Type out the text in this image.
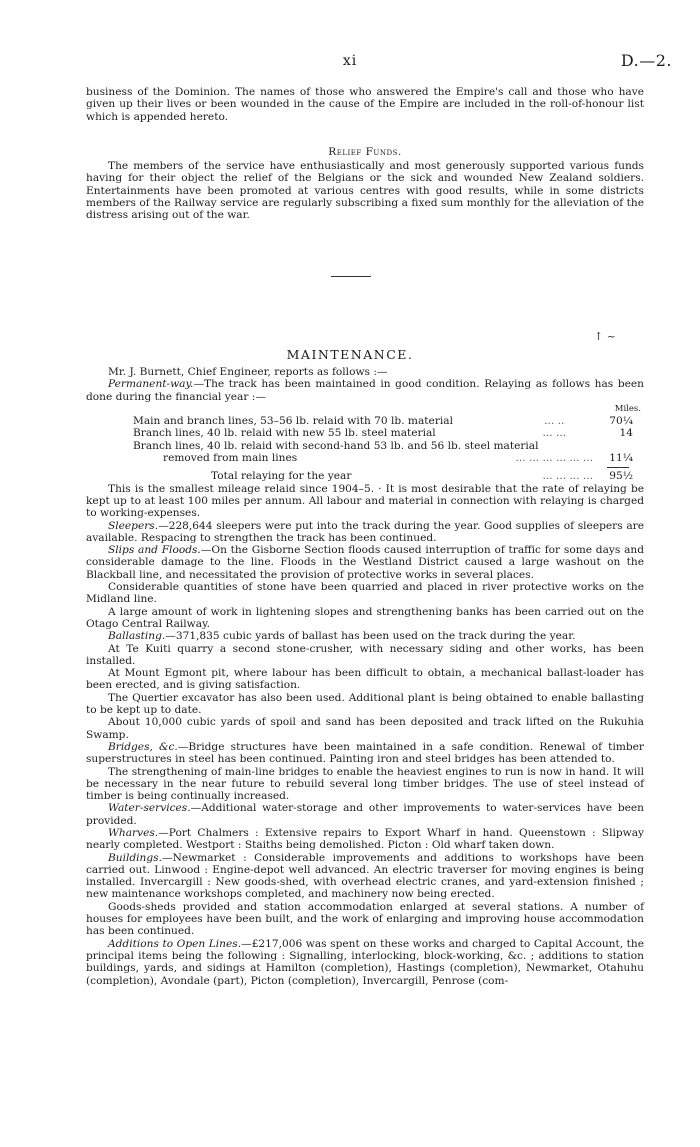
xi	D.—2.

business of the Dominion. The names of those who answered the Empire's call and those who have given up their lives or been wounded in the cause of the Empire are included in the roll-of-honour list which is appended hereto.

Relief Funds.

The members of the service have enthusiastically and most generously supported various funds having for their object the relief of the Belgians or the sick and wounded New Zealand soldiers. Entertainments have been promoted at various centres with good results, while in some districts members of the Railway service are regularly subscribing a fixed sum monthly for the alleviation of the distress arising out of the war.

↑ ~
MAINTENANCE.

Mr. J. Burnett, Chief Engineer, reports as follows :—

Permanent-way.—The track has been maintained in good condition. Relaying as follows has been done during the financial year :—

Miles.
Main and branch lines, 53–56 lb. relaid with 70 lb. material	... ..	70¼
Branch lines, 40 lb. relaid with new 55 lb. steel material	... ...	14
Branch lines, 40 lb. relaid with second-hand 53 lb. and 56 lb. steel material		
removed from main lines	... ... ... ... ... ...	11¼

Total relaying for the year	... ... ... ...	95½

This is the smallest mileage relaid since 1904–5. · It is most desirable that the rate of relaying be kept up to at least 100 miles per annum. All labour and material in connection with relaying is charged to working-expenses.

Sleepers.—228,644 sleepers were put into the track during the year. Good supplies of sleepers are available. Respacing to strengthen the track has been continued.

Slips and Floods.—On the Gisborne Section floods caused interruption of traffic for some days and considerable damage to the line. Floods in the Westland District caused a large washout on the Blackball line, and necessitated the provision of protective works in several places.

Considerable quantities of stone have been quarried and placed in river protective works on the Midland line.

A large amount of work in lightening slopes and strengthening banks has been carried out on the Otago Central Railway.

Ballasting.—371,835 cubic yards of ballast has been used on the track during the year.

At Te Kuiti quarry a second stone-crusher, with necessary siding and other works, has been installed.

At Mount Egmont pit, where labour has been difficult to obtain, a mechanical ballast-loader has been erected, and is giving satisfaction.

The Quertier excavator has also been used. Additional plant is being obtained to enable ballasting to be kept up to date.

About 10,000 cubic yards of spoil and sand has been deposited and track lifted on the Rukuhia Swamp.

Bridges, &c.—Bridge structures have been maintained in a safe condition. Renewal of timber superstructures in steel has been continued. Painting iron and steel bridges has been attended to.

The strengthening of main-line bridges to enable the heaviest engines to run is now in hand. It will be necessary in the near future to rebuild several long timber bridges. The use of steel instead of timber is being continually increased.

Water-services.—Additional water-storage and other improvements to water-services have been provided.

Wharves.—Port Chalmers : Extensive repairs to Export Wharf in hand. Queenstown : Slipway nearly completed. Westport : Staiths being demolished. Picton : Old wharf taken down.

Buildings.—Newmarket : Considerable improvements and additions to workshops have been carried out. Linwood : Engine-depot well advanced. An electric traverser for moving engines is being installed. Invercargill : New goods-shed, with overhead electric cranes, and yard-extension finished ; new maintenance workshops completed, and machinery now being erected.

Goods-sheds provided and station accommodation enlarged at several stations. A number of houses for employees have been built, and the work of enlarging and improving house accommodation has been continued.

Additions to Open Lines.—£217,006 was spent on these works and charged to Capital Account, the principal items being the following : Signalling, interlocking, block-working, &c. ; additions to station buildings, yards, and sidings at Hamilton (completion), Hastings (completion), Newmarket, Otahuhu (completion), Avondale (part), Picton (completion), Invercargill, Penrose (com-
